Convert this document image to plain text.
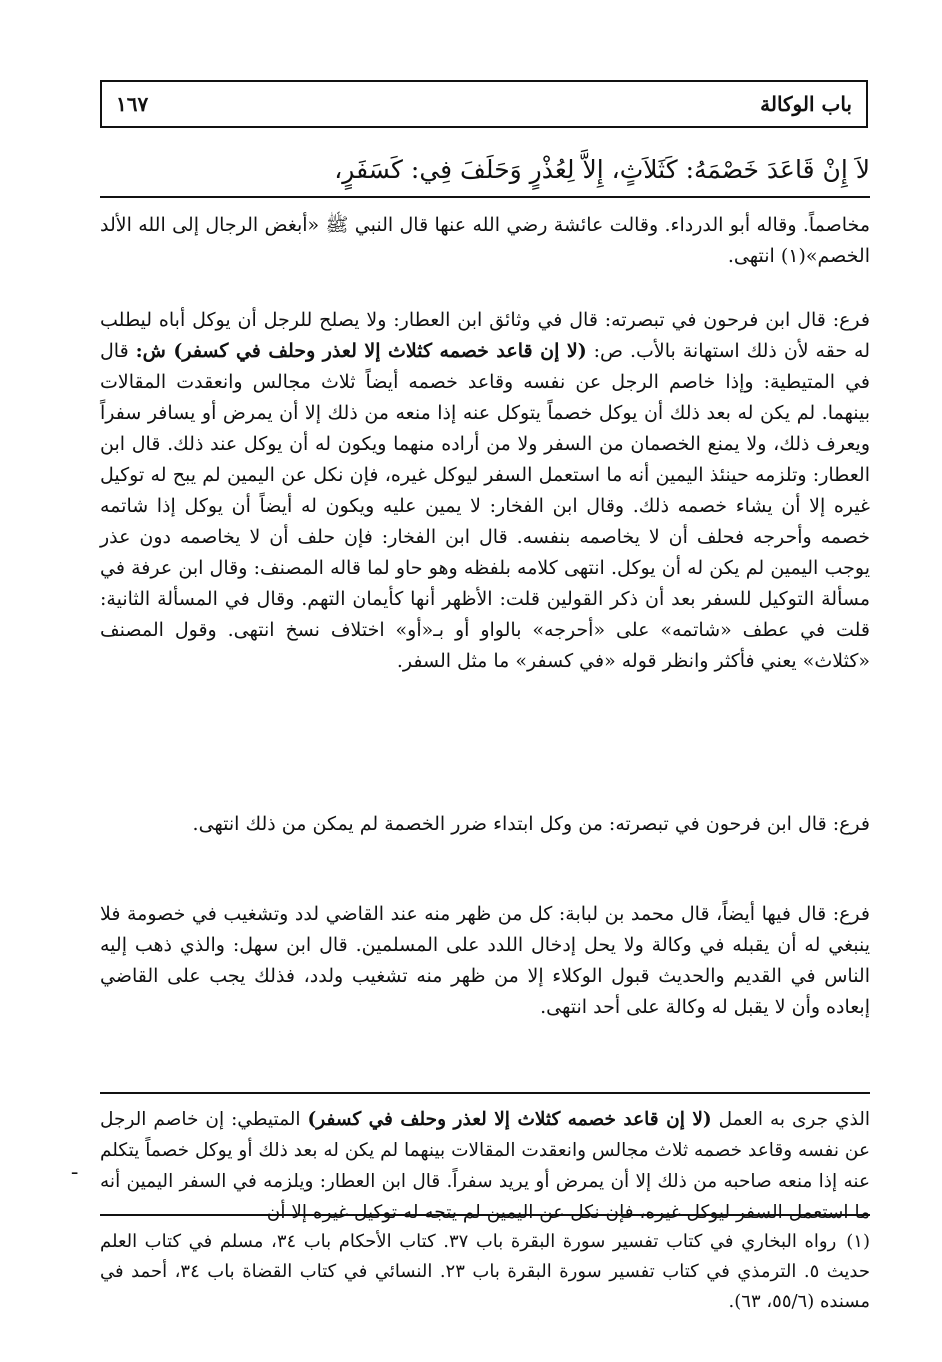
باب الوكالة
١٦٧
لاَ إِنْ قَاعَدَ خَصْمَهُ: كَثَلاَثٍ، إِلاَّ لِعُذْرٍ وَحَلَفَ فِي: كَسَفَرٍ،

مخاصماً. وقاله أبو الدرداء. وقالت عائشة رضي الله عنها قال النبي ﷺ «أبغض الرجال إلى الله الألد الخصم»(١) انتهى.

فرع: قال ابن فرحون في تبصرته: قال في وثائق ابن العطار: ولا يصلح للرجل أن يوكل أباه ليطلب له حقه لأن ذلك استهانة بالأب. ص: (لا إن قاعد خصمه كثلاث إلا لعذر وحلف في كسفر) ش: قال في المتيطية: وإذا خاصم الرجل عن نفسه وقاعد خصمه أيضاً ثلاث مجالس وانعقدت المقالات بينهما. لم يكن له بعد ذلك أن يوكل خصماً يتوكل عنه إذا منعه من ذلك إلا أن يمرض أو يسافر سفراً ويعرف ذلك، ولا يمنع الخصمان من السفر ولا من أراده منهما ويكون له أن يوكل عند ذلك. قال ابن العطار: وتلزمه حينئذ اليمين أنه ما استعمل السفر ليوكل غيره، فإن نكل عن اليمين لم يبح له توكيل غيره إلا أن يشاء خصمه ذلك. وقال ابن الفخار: لا يمين عليه ويكون له أيضاً أن يوكل إذا شاتمه خصمه وأحرجه فحلف أن لا يخاصمه بنفسه. قال ابن الفخار: فإن حلف أن لا يخاصمه دون عذر يوجب اليمين لم يكن له أن يوكل. انتهى كلامه بلفظه وهو حاو لما قاله المصنف: وقال ابن عرفة في مسألة التوكيل للسفر بعد أن ذكر القولين قلت: الأظهر أنها كأيمان التهم. وقال في المسألة الثانية: قلت في عطف «شاتمه» على «أحرجه» بالواو أو بـ«أو» اختلاف نسخ انتهى. وقول المصنف «كثلاث» يعني فأكثر وانظر قوله «في كسفر» ما مثل السفر.

فرع: قال ابن فرحون في تبصرته: من وكل ابتداء ضرر الخصمة لم يمكن من ذلك انتهى.

فرع: قال فيها أيضاً، قال محمد بن لبابة: كل من ظهر منه عند القاضي لدد وتشغيب في خصومة فلا ينبغي له أن يقبله في وكالة ولا يحل إدخال اللدد على المسلمين. قال ابن سهل: والذي ذهب إليه الناس في القديم والحديث قبول الوكلاء إلا من ظهر منه تشغيب ولدد، فذلك يجب على القاضي إبعاده وأن لا يقبل له وكالة على أحد انتهى.

الذي جرى به العمل (لا إن قاعد خصمه كثلاث إلا لعذر وحلف في كسفر) المتيطي: إن خاصم الرجل عن نفسه وقاعد خصمه ثلاث مجالس وانعقدت المقالات بينهما لم يكن له بعد ذلك أو يوكل خصماً يتكلم عنه إذا منعه صاحبه من ذلك إلا أن يمرض أو يريد سفراً. قال ابن العطار: ويلزمه في السفر اليمين أنه ما استعمل السفر ليوكل غيره، فإن نكل عن اليمين لم يتجه له توكيل غيره إلا أن

ـ
(١)رواه البخاري في كتاب تفسير سورة البقرة باب ٣٧. كتاب الأحكام باب ٣٤، مسلم في كتاب العلم حديث ٥. الترمذي في كتاب تفسير سورة البقرة باب ٢٣. النسائي في كتاب القضاة باب ٣٤، أحمد في مسنده (٥٥/٦، ٦٣).
